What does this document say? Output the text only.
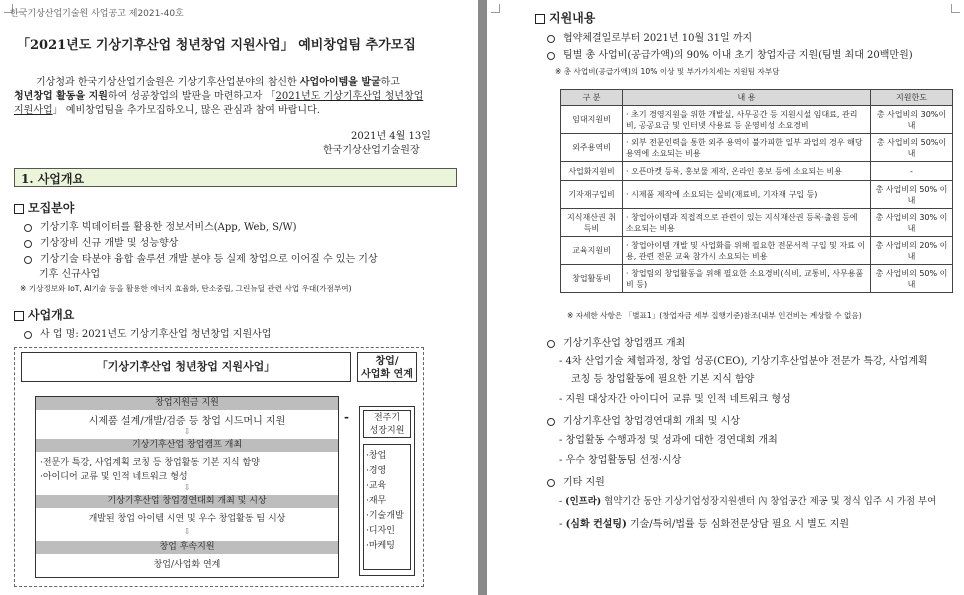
한국기상산업기술원 사업공고 제2021-40호
「2021년도 기상기후산업 청년창업 지원사업」 예비창업팀 추가모집
기상청과 한국기상산업기술원은 기상기후산업분야의 참신한 사업아이템을 발굴하고
청년창업 활동을 지원하여 성공창업의 발판을 마련하고자 「2021년도 기상기후산업 청년창업
지원사업」 예비창업팀을 추가모집하오니, 많은 관심과 참여 바랍니다.
2021년 4월 13일
한국기상산업기술원장
1. 사업개요
모집분야
기상기후 빅데이터를 활용한 정보서비스(App, Web, S/W)
기상장비 신규 개발 및 성능향상
기상기술 타분야 융합 솔루션 개발 분야 등 실제 창업으로 이어질 수 있는 기상
기후 신규사업
※ 기상정보와 IoT, AI기술 등을 활용한 에너지 효율화, 탄소중립, 그린뉴딜 관련 사업 우대(가점부여)
사업개요
사 업 명: 2021년도 기상기후산업 청년창업 지원사업
「기상기후산업 청년창업 지원사업」	창업/
사업화 연계
창업지원금 지원
시제품 설계/개발/검증 등 창업 시드머니 지원
⇩
기상기후산업 창업캠프 개최
·전문가 특강, 사업계획 코칭 등 창업활동 기본 지식 함양
·아이디어 교류 및 인적 네트워크 형성
⇩
기상기후산업 창업경연대회 개최 및 시상
개발된 창업 아이템 시연 및 우수 창업활동 팀 시상
⇩
창업 후속지원
창업/사업화 연계
-	전주기
성장지원
·창업
·경영
·교육
·재무
·기술개발
·디자인
·마케팅
지원내용
협약체결일로부터 2021년 10월 31일 까지
팀별 총 사업비(공급가액)의 90% 이내 초기 창업자금 지원(팀별 최대 20백만원)
※ 총 사업비(공급가액)의 10% 이상 및 부가가치세는 지원팀 자부담
구 분	내 용	지원한도
임대지원비	· 초기 경영지원을 위한 개발실, 사무공간 등 지원시설 임대료, 관리비, 공공요금 및 인터넷 사용료 등 운영비성 소요경비	총 사업비의 30%이내
외주용역비	· 외부 전문인력을 통한 외주 용역이 불가피한 일부 과업의 경우 해당 용역에 소요되는 비용	총 사업비의 50%이내
사업화지원비	· 오픈마켓 등록, 홍보물 제작, 온라인 홍보 등에 소요되는 비용	-
기자재구입비	· 시제품 제작에 소요되는 실비(재료비, 기자재 구입 등)	총 사업비의 50% 이내
지식재산권 취득비	· 창업아이템과 직접적으로 관련이 있는 지식재산권 등록·출원 등에 소요되는 비용	총 사업비의 30% 이내
교육지원비	· 창업아이템 개발 및 사업화를 위해 필요한 전문서적 구입 및 자료 이용, 관련 전문 교육 참가시 소요되는 비용	총 사업비의 20% 이내
창업활동비	· 창업팀의 창업활동을 위해 필요한 소요경비(식비, 교통비, 사무용품비 등)	총 사업비의 50% 이내
※ 자세한 사항은 「별표1」(창업자금 세부 집행기준)참조(내부 인건비는 계상할 수 없음)
기상기후산업 창업캠프 개최
- 4차 산업기술 체험과정, 창업 성공(CEO), 기상기후산업분야 전문가 특강, 사업계획
코칭 등 창업활동에 필요한 기본 지식 함양
- 지원 대상자간 아이디어 교류 및 인적 네트워크 형성
기상기후산업 창업경연대회 개최 및 시상
- 창업활동 수행과정 및 성과에 대한 경연대회 개최
- 우수 창업활동팀 선정·시상
기타 지원
- (인프라) 협약기간 동안 기상기업성장지원센터 內 창업공간 제공 및 정식 입주 시 가점 부여
- (심화 컨설팅) 기술/특허/법률 등 심화전문상담 필요 시 별도 지원
